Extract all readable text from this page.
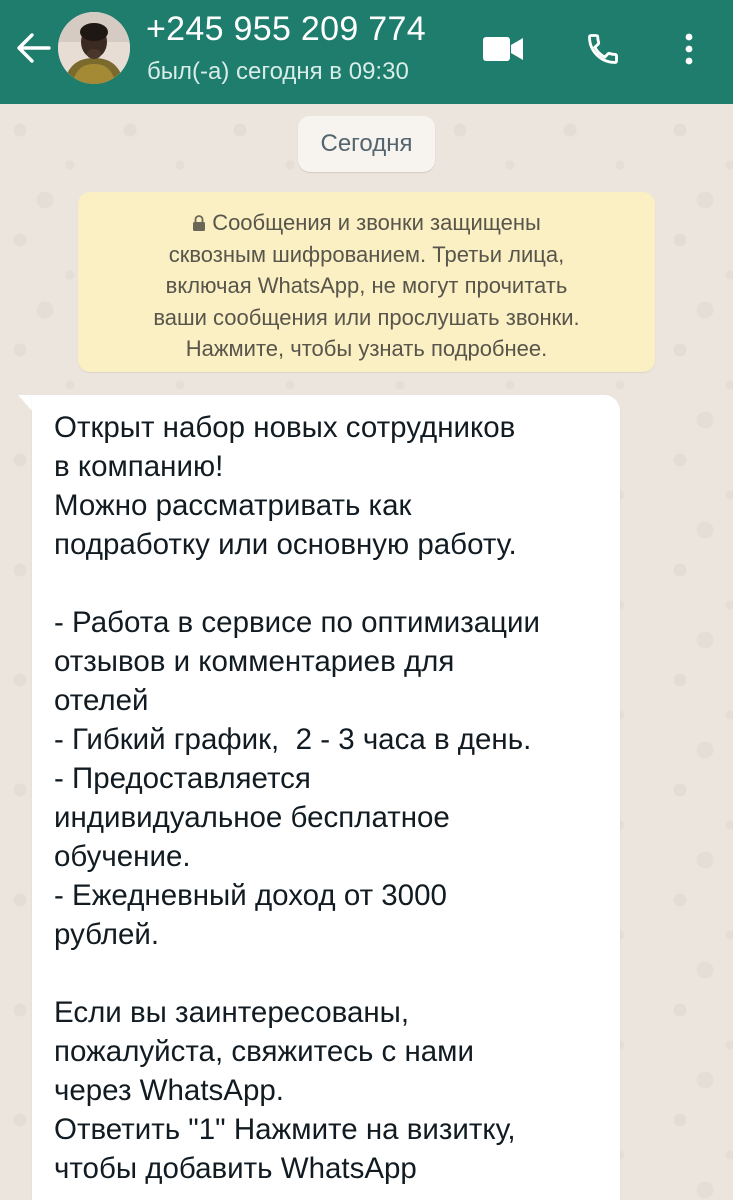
+245 955 209 774
был(-а) сегодня в 09:30
Сегодня
Сообщения и звонки защищены
сквозным шифрованием. Третьи лица,
включая WhatsApp, не могут прочитать
ваши сообщения или прослушать звонки.
Нажмите, чтобы узнать подробнее.
Открыт набор новых сотрудников
в компанию!
Можно рассматривать как
подработку или основную работу.
- Работа в сервисе по оптимизации
отзывов и комментариев для
отелей
- Гибкий график,  2 - 3 часа в день.
- Предоставляется
индивидуальное бесплатное
обучение.
- Ежедневный доход от 3000
рублей.
Если вы заинтересованы,
пожалуйста, свяжитесь с нами
через WhatsApp.
Ответить "1" Нажмите на визитку,
чтобы добавить WhatsApp
